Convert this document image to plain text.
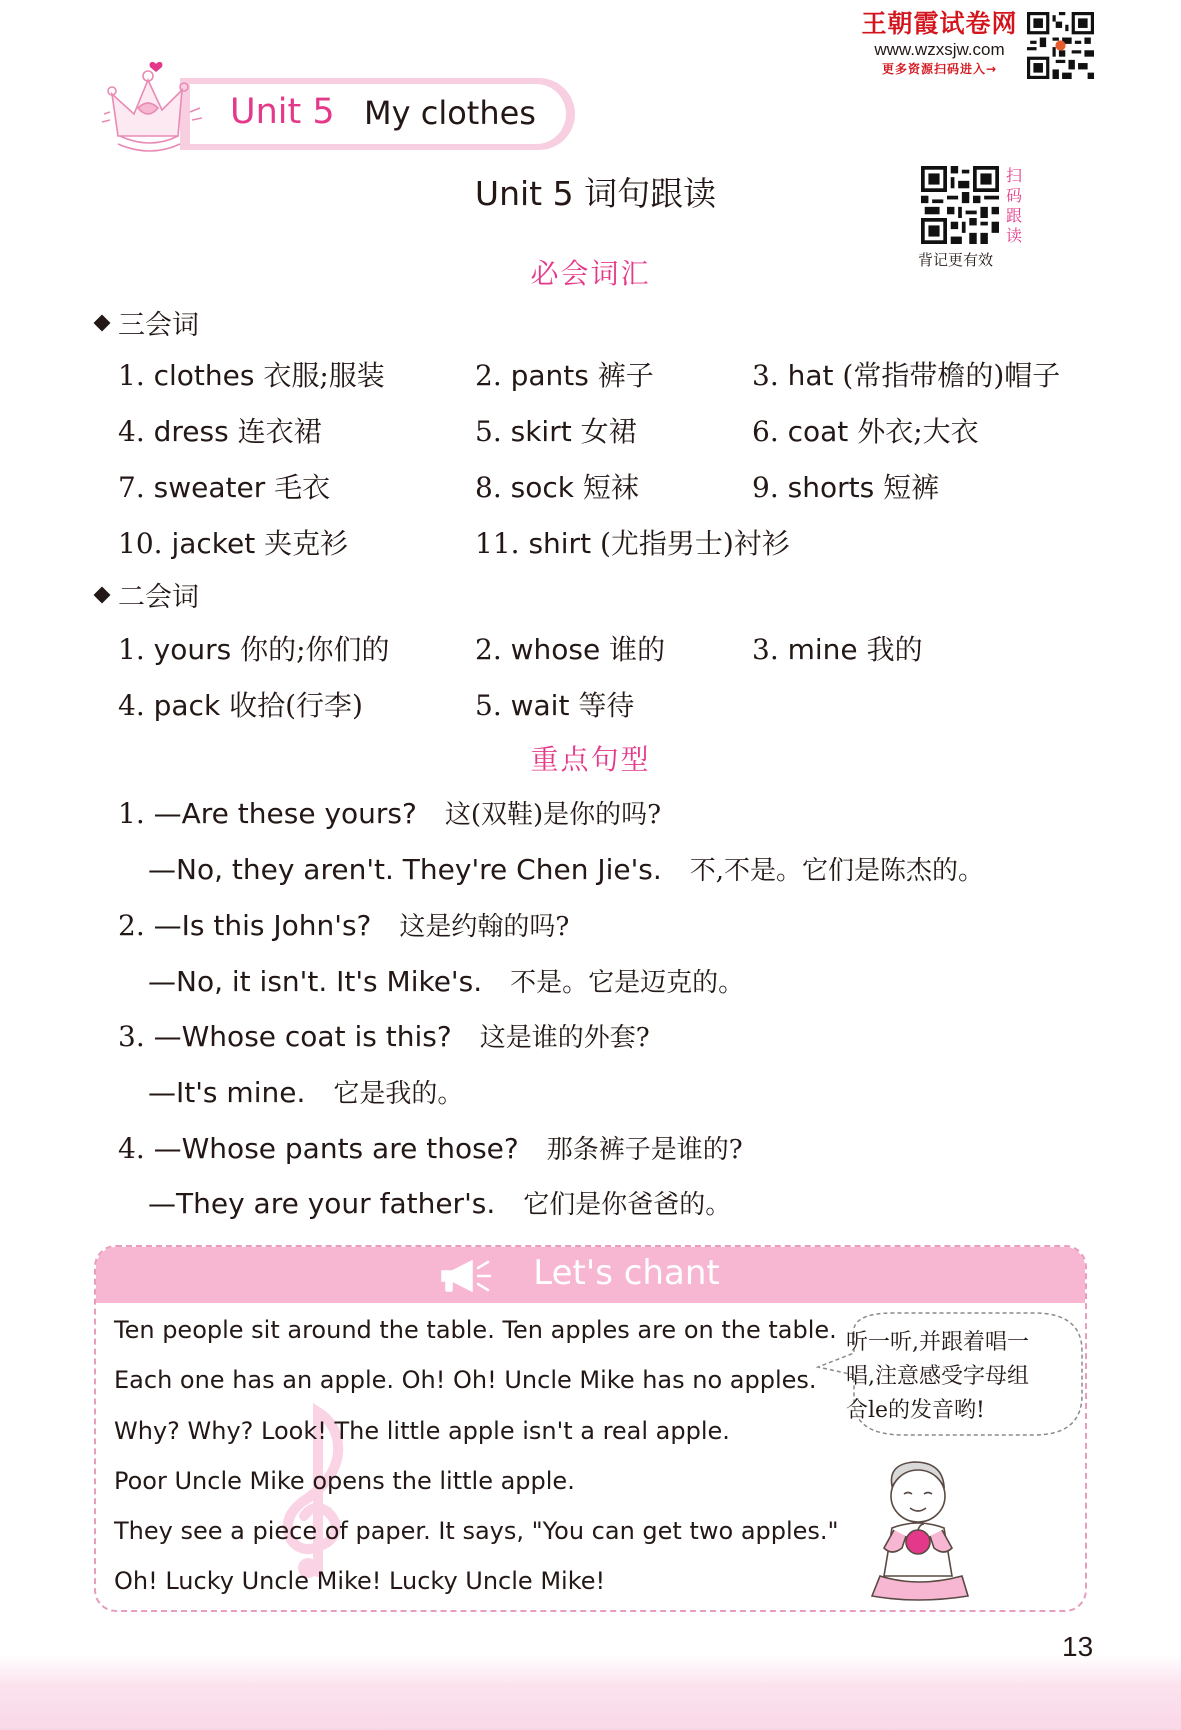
王朝霞试卷网
www.wzxsjw.com
更多资源扫码进入→
Unit 5 My clothes
Unit 5 词句跟读	扫
码
跟
读
背记更有效
必会词汇
三会词
1. clothes 衣服;服装	2. pants 裤子	3. hat (常指带檐的)帽子
4. dress 连衣裙	5. skirt 女裙	6. coat 外衣;大衣
7. sweater 毛衣	8. sock 短袜	9. shorts 短裤
10. jacket 夹克衫	11. shirt (尤指男士)衬衫
二会词
1. yours 你的;你们的	2. whose 谁的	3. mine 我的
4. pack 收拾(行李)	5. wait 等待
重点句型
1. —Are these yours? 这(双鞋)是你的吗?
—No, they aren't. They're Chen Jie's. 不,不是。它们是陈杰的。
2. —Is this John's? 这是约翰的吗?
—No, it isn't. It's Mike's. 不是。它是迈克的。
3. —Whose coat is this? 这是谁的外套?
—It's mine. 它是我的。
4. —Whose pants are those? 那条裤子是谁的?
—They are your father's. 它们是你爸爸的。
Let's chant
Ten people sit around the table. Ten apples are on the table.
Each one has an apple. Oh! Oh! Uncle Mike has no apples.
Why? Why? Look! The little apple isn't a real apple.
Poor Uncle Mike opens the little apple.
They see a piece of paper. It says, "You can get two apples."
Oh! Lucky Uncle Mike! Lucky Uncle Mike!
听一听,并跟着唱一
唱,注意感受字母组
合le的发音哟!
13
